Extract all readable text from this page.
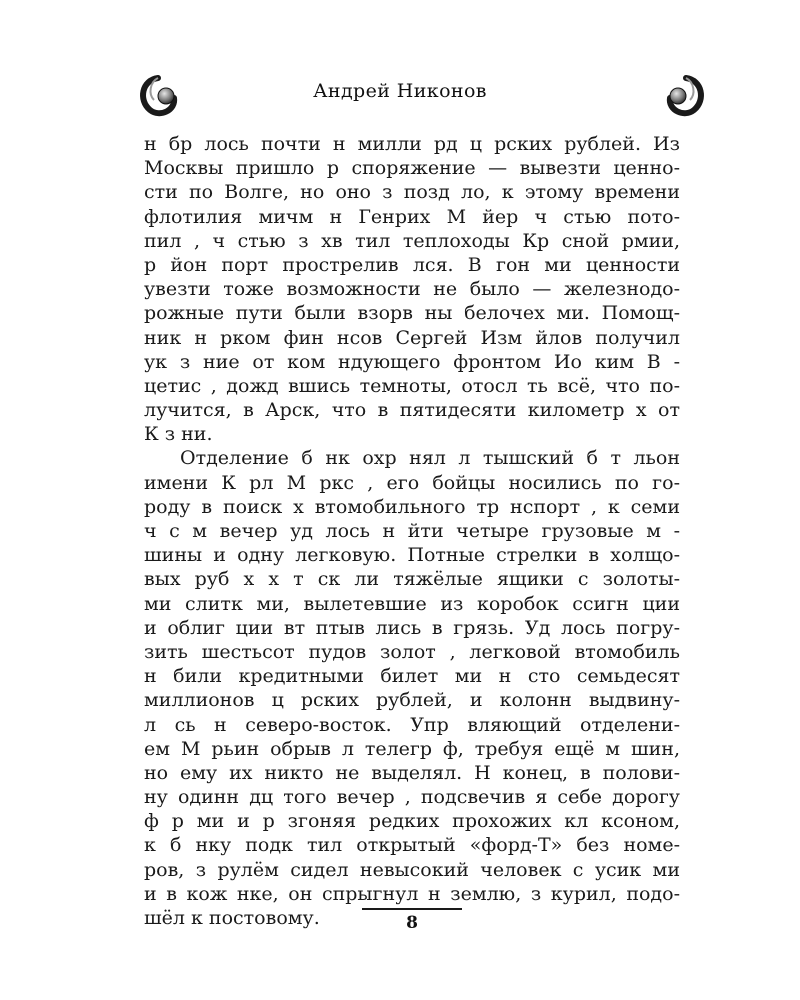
Андрей Никонов
н бр лось почти н милли рд ц рских рублей. Из
Москвы пришло р споряжение — вывезти ценно-
сти по Волге, но оно з позд ло, к этому времени
флотилия мичм н Генрих М йер ч стью пото-
пил , ч стью з хв тил теплоходы Кр сной рмии,
р йон порт прострелив лся. В гон ми ценности
увезти тоже возможности не было — железнодо-
рожные пути были взорв ны белочех ми. Помощ-
ник н рком фин нсов Сергей Изм йлов получил
ук з ние от ком ндующего фронтом Ио ким В -
цетис , дожд вшись темноты, отосл ть всё, что по-
лучится, в Арск, что в пятидесяти километр х от
К з ни.
Отделение б нк охр нял л тышский б т льон
имени К рл М ркс , его бойцы носились по го-
роду в поиск х втомобильного тр нспорт , к семи
ч с м вечер уд лось н йти четыре грузовые м -
шины и одну легковую. Потные стрелки в холщо-
вых руб х х т ск ли тяжёлые ящики с золоты-
ми слитк ми, вылетевшие из коробок ссигн ции
и облиг ции вт птыв лись в грязь. Уд лось погру-
зить шестьсот пудов золот , легковой втомобиль
н били кредитными билет ми н сто семьдесят
миллионов ц рских рублей, и колонн выдвину-
л сь н северо-восток. Упр вляющий отделени-
ем М рьин обрыв л телегр ф, требуя ещё м шин,
но ему их никто не выделял. Н конец, в полови-
ну одинн дц того вечер , подсвечив я себе дорогу
ф р ми и р згоняя редких прохожих кл ксоном,
к б нку подк тил открытый «форд-Т» без номе-
ров, з рулём сидел невысокий человек с усик ми
и в кож нке, он спрыгнул н землю, з курил, подо-
шёл к постовому.	8
